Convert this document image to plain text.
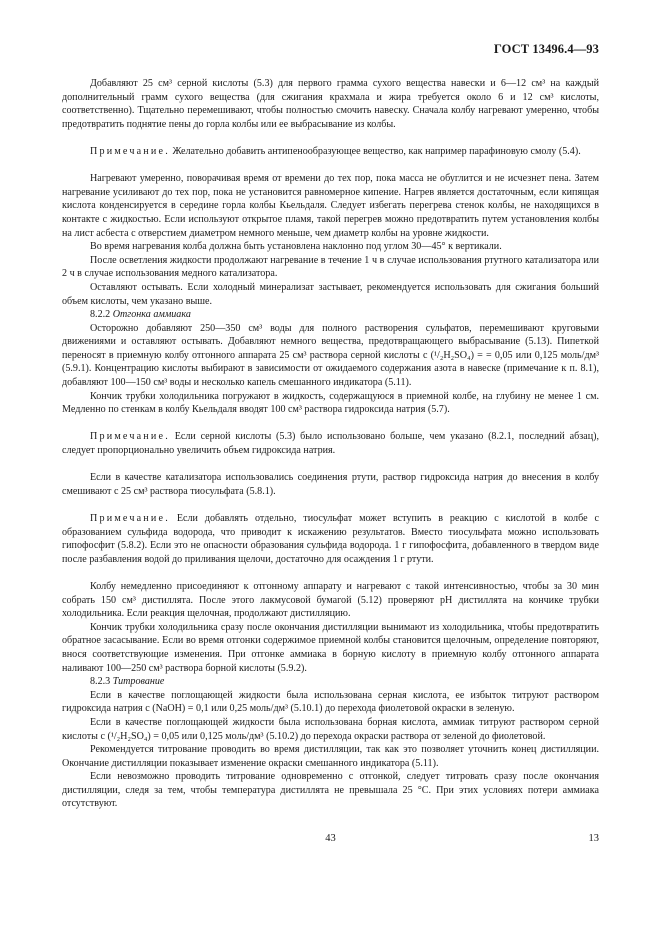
ГОСТ 13496.4—93

Добавляют 25 см³ серной кислоты (5.3) для первого грамма сухого вещества навески и 6—12 см³ на каждый дополнительный грамм сухого вещества (для сжигания крахмала и жира требуется около 6 и 12 см³ кислоты, соответственно). Тщательно перемешивают, чтобы полностью смочить навеску. Сначала колбу нагревают умеренно, чтобы предотвратить поднятие пены до горла колбы или ее выбрасывание из колбы.

Примечание. Желательно добавить антипенообразующее вещество, как например парафиновую смолу (5.4).

Нагревают умеренно, поворачивая время от времени до тех пор, пока масса не обуглится и не исчезнет пена. Затем нагревание усиливают до тех пор, пока не установится равномерное кипение. Нагрев является достаточным, если кипящая кислота конденсируется в середине горла колбы Кьельдаля. Следует избегать перегрева стенок колбы, не находящихся в контакте с жидкостью. Если используют открытое пламя, такой перегрев можно предотвратить путем установления колбы на лист асбеста с отверстием диаметром немного меньше, чем диаметр колбы на уровне жидкости.

Во время нагревания колба должна быть установлена наклонно под углом 30—45° к вертикали.

После осветления жидкости продолжают нагревание в течение 1 ч в случае использования ртутного катализатора или 2 ч в случае использования медного катализатора.

Оставляют остывать. Если холодный минерализат застывает, рекомендуется использовать для сжигания больший объем кислоты, чем указано выше.

8.2.2 Отгонка аммиака

Осторожно добавляют 250—350 см³ воды для полного растворения сульфатов, перемешивают круговыми движениями и оставляют остывать. Добавляют немного вещества, предотвращающего выбрасывание (5.13). Пипеткой переносят в приемную колбу отгонного аппарата 25 см³ раствора серной кислоты c (¹/₂H₂SO₄) = = 0,05 или 0,125 моль/дм³ (5.9.1). Концентрацию кислоты выбирают в зависимости от ожидаемого содержания азота в навеске (примечание к п. 8.1), добавляют 100—150 см³ воды и несколько капель смешанного индикатора (5.11).

Кончик трубки холодильника погружают в жидкость, содержащуюся в приемной колбе, на глубину не менее 1 см. Медленно по стенкам в колбу Кьельдаля вводят 100 см³ раствора гидроксида натрия (5.7).

Примечание. Если серной кислоты (5.3) было использовано больше, чем указано (8.2.1, последний абзац), следует пропорционально увеличить объем гидроксида натрия.

Если в качестве катализатора использовались соединения ртути, раствор гидроксида натрия до внесения в колбу смешивают с 25 см³ раствора тиосульфата (5.8.1).

Примечание. Если добавлять отдельно, тиосульфат может вступить в реакцию с кислотой в колбе с образованием сульфида водорода, что приводит к искажению результатов. Вместо тиосульфата можно использовать гипофосфит (5.8.2). Если это не опасности образования сульфида водорода. 1 г гипофосфита, добавленного в твердом виде после разбавления водой до приливания щелочи, достаточно для осаждения 1 г ртути.

Колбу немедленно присоединяют к отгонному аппарату и нагревают с такой интенсивностью, чтобы за 30 мин собрать 150 см³ дистиллята. После этого лакмусовой бумагой (5.12) проверяют pH дистиллята на кончике трубки холодильника. Если реакция щелочная, продолжают дистилляцию.

Кончик трубки холодильника сразу после окончания дистилляции вынимают из холодильника, чтобы предотвратить обратное засасывание. Если во время отгонки содержимое приемной колбы становится щелочным, определение повторяют, внося соответствующие изменения. При отгонке аммиака в борную кислоту в приемную колбу отгонного аппарата наливают 100—250 см³ раствора борной кислоты (5.9.2).

8.2.3 Титрование

Если в качестве поглощающей жидкости была использована серная кислота, ее избыток титруют раствором гидроксида натрия c (NaOH) = 0,1 или 0,25 моль/дм³ (5.10.1) до перехода фиолетовой окраски в зеленую.

Если в качестве поглощающей жидкости была использована борная кислота, аммиак титруют раствором серной кислоты c (¹/₂H₂SO₄) = 0,05 или 0,125 моль/дм³ (5.10.2) до перехода окраски раствора от зеленой до фиолетовой.

Рекомендуется титрование проводить во время дистилляции, так как это позволяет уточнить конец дистилляции. Окончание дистилляции показывает изменение окраски смешанного индикатора (5.11).

Если невозможно проводить титрование одновременно с отгонкой, следует титровать сразу после окончания дистилляции, следя за тем, чтобы температура дистиллята не превышала 25 °С. При этих условиях потери аммиака отсутствуют.

43	13
